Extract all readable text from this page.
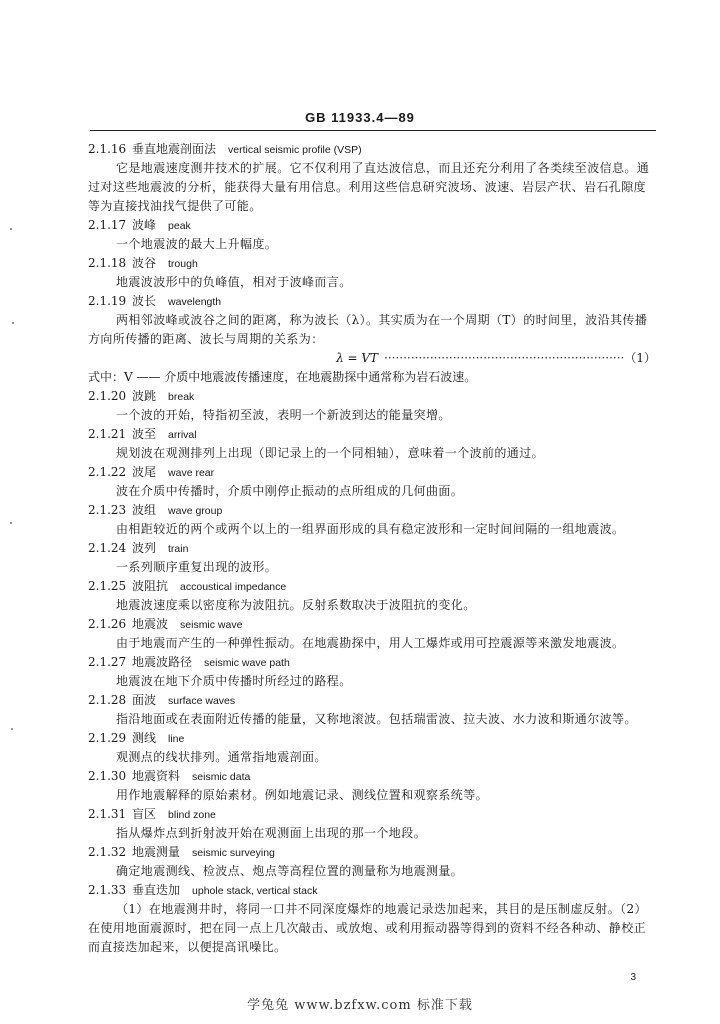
GB 11933.4—89
2.1.16 垂直地震剖面法 vertical seismic profile (VSP)
它是地震速度测井技术的扩展。它不仅利用了直达波信息，而且还充分利用了各类续至波信息。通过对这些地震波的分析，能获得大量有用信息。利用这些信息研究波场、波速、岩层产状、岩石孔隙度等为直接找油找气提供了可能。
2.1.17 波峰 peak
一个地震波的最大上升幅度。
2.1.18 波谷 trough
地震波波形中的负峰值，相对于波峰而言。
2.1.19 波长 wavelength
两相邻波峰或波谷之间的距离，称为波长（λ）。其实质为在一个周期（T）的时间里，波沿其传播方向所传播的距离、波长与周期的关系为：
λ = VT ······························································· （1）
式中：V —— 介质中地震波传播速度，在地震勘探中通常称为岩石波速。
2.1.20 波跳 break
一个波的开始，特指初至波，表明一个新波到达的能量突增。
2.1.21 波至 arrival
规划波在观测排列上出现（即记录上的一个同相轴），意味着一个波前的通过。
2.1.22 波尾 wave rear
波在介质中传播时，介质中刚停止振动的点所组成的几何曲面。
2.1.23 波组 wave group
由相距较近的两个或两个以上的一组界面形成的具有稳定波形和一定时间间隔的一组地震波。
2.1.24 波列 train
一系列顺序重复出现的波形。
2.1.25 波阻抗 accoustical impedance
地震波速度乘以密度称为波阻抗。反射系数取决于波阻抗的变化。
2.1.26 地震波 seismic wave
由于地震而产生的一种弹性振动。在地震勘探中，用人工爆炸或用可控震源等来激发地震波。
2.1.27 地震波路径 seismic wave path
地震波在地下介质中传播时所经过的路程。
2.1.28 面波 surface waves
指沿地面或在表面附近传播的能量，又称地滚波。包括瑞雷波、拉夫波、水力波和斯通尔波等。
2.1.29 测线 line
观测点的线状排列。通常指地震剖面。
2.1.30 地震资料 seismic data
用作地震解释的原始素材。例如地震记录、测线位置和观察系统等。
2.1.31 盲区 blind zone
指从爆炸点到折射波开始在观测面上出现的那一个地段。
2.1.32 地震测量 seismic surveying
确定地震测线、检波点、炮点等高程位置的测量称为地震测量。
2.1.33 垂直迭加 uphole stack, vertical stack
（1）在地震测井时，将同一口井不同深度爆炸的地震记录迭加起来，其目的是压制虚反射。（2）在使用地面震源时，把在同一点上几次敲击、或放炮、或利用振动器等得到的资料不经各种动、静校正而直接迭加起来，以便提高讯噪比。
3
学兔兔 www.bzfxw.com 标准下载
